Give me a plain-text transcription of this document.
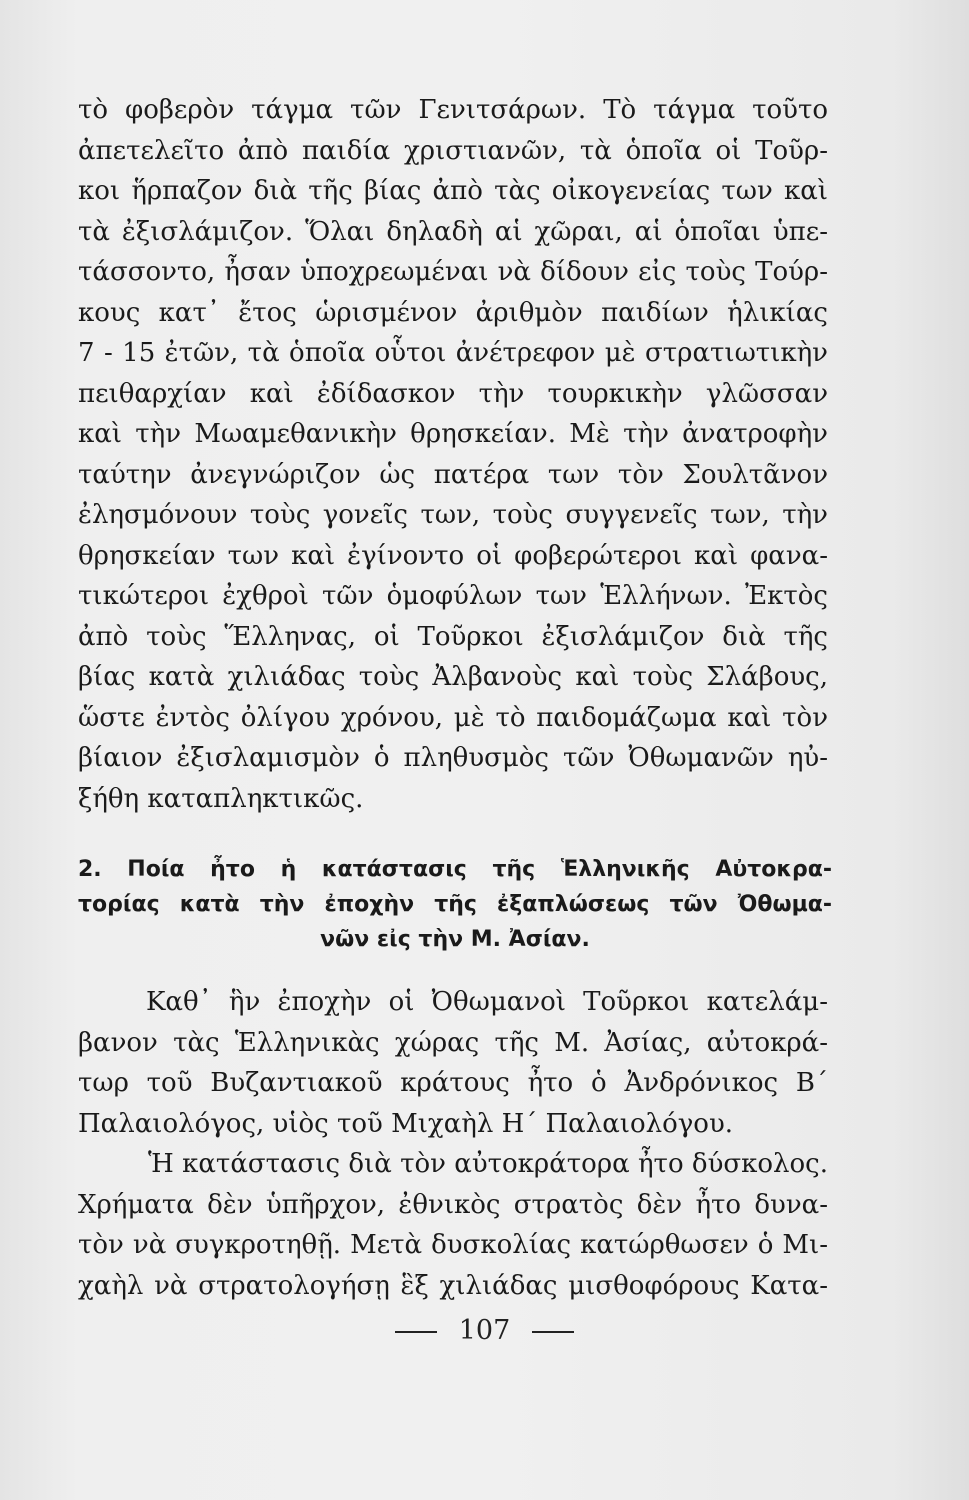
τὸ φοβερὸν τάγμα τῶν Γενιτσάρων. Τὸ τάγμα τοῦτο
ἀπετελεῖτο ἀπὸ παιδία χριστιανῶν, τὰ ὁποῖα οἱ Τοῦρ-
κοι ἥρπαζον διὰ τῆς βίας ἀπὸ τὰς οἰκογενείας των καὶ
τὰ ἐξισλάμιζον. Ὅλαι δηλαδὴ αἱ χῶραι, αἱ ὁποῖαι ὑπε-
τάσσοντο, ἦσαν ὑποχρεωμέναι νὰ δίδουν εἰς τοὺς Τούρ-
κους κατ᾽ ἔτος ὡρισμένον ἀριθμὸν παιδίων ἡλικίας
7 - 15 ἐτῶν, τὰ ὁποῖα οὗτοι ἀνέτρεφον μὲ στρατιωτικὴν
πειθαρχίαν καὶ ἐδίδασκον τὴν τουρκικὴν γλῶσσαν
καὶ τὴν Μωαμεθανικὴν θρησκείαν. Μὲ τὴν ἀνατροφὴν
ταύτην ἀνεγνώριζον ὡς πατέρα των τὸν Σουλτᾶνον
ἐλησμόνουν τοὺς γονεῖς των, τοὺς συγγενεῖς των, τὴν
θρησκείαν των καὶ ἐγίνοντο οἱ φοβερώτεροι καὶ φανα-
τικώτεροι ἐχθροὶ τῶν ὁμοφύλων των Ἑλλήνων. Ἐκτὸς
ἀπὸ τοὺς Ἕλληνας, οἱ Τοῦρκοι ἐξισλάμιζον διὰ τῆς
βίας κατὰ χιλιάδας τοὺς Ἀλβανοὺς καὶ τοὺς Σλάβους,
ὥστε ἐντὸς ὀλίγου χρόνου, μὲ τὸ παιδομάζωμα καὶ τὸν
βίαιον ἐξισλαμισμὸν ὁ πληθυσμὸς τῶν Ὀθωμανῶν ηὐ-
ξήθη καταπληκτικῶς.
2. Ποία ἦτο ἡ κατάστασις τῆς Ἑλληνικῆς Αὐτοκρα-
τορίας κατὰ τὴν ἐποχὴν τῆς ἐξαπλώσεως τῶν Ὀθωμα-
νῶν εἰς τὴν Μ. Ἀσίαν.
Καθ᾽ ἣν ἐποχὴν οἱ Ὀθωμανοὶ Τοῦρκοι κατελάμ-
βανον τὰς Ἑλληνικὰς χώρας τῆς Μ. Ἀσίας, αὐτοκρά-
τωρ τοῦ Βυζαντιακοῦ κράτους ἦτο ὁ Ἀνδρόνικος Β´
Παλαιολόγος, υἱὸς τοῦ Μιχαὴλ Η´ Παλαιολόγου.
Ἡ κατάστασις διὰ τὸν αὐτοκράτορα ἦτο δύσκολος.
Χρήματα δὲν ὑπῆρχον, ἐθνικὸς στρατὸς δὲν ἦτο δυνα-
τὸν νὰ συγκροτηθῇ. Μετὰ δυσκολίας κατώρθωσεν ὁ Μι-
χαὴλ νὰ στρατολογήσῃ ἓξ χιλιάδας μισθοφόρους Κατα-
107
